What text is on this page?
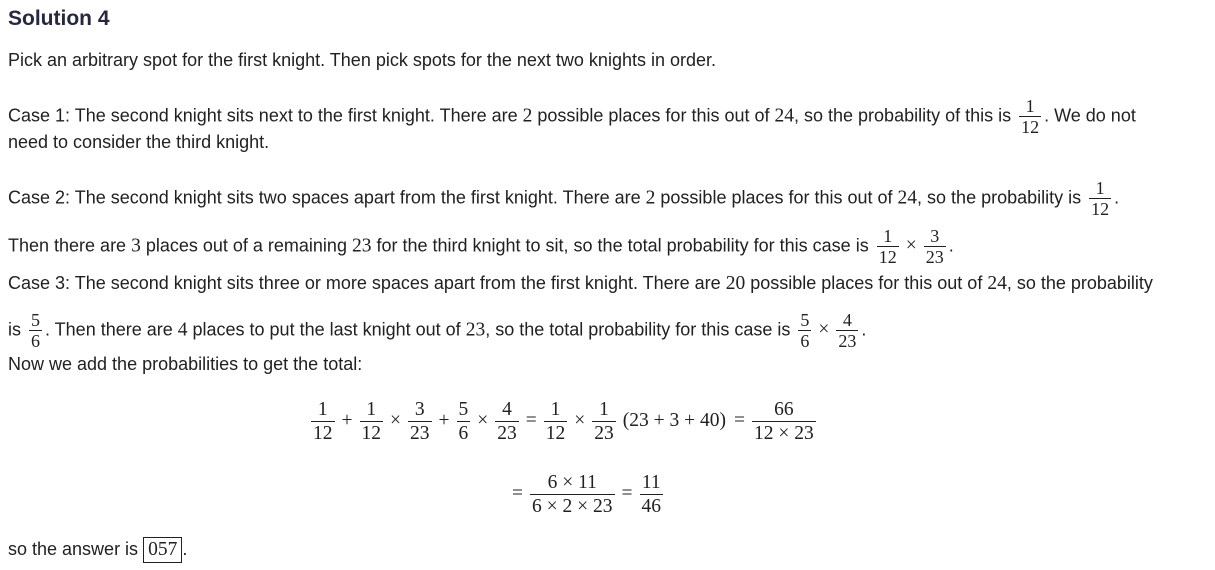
Solution 4
Pick an arbitrary spot for the first knight. Then pick spots for the next two knights in order.
Case 1: The second knight sits next to the first knight. There are 2 possible places for this out of 24, so the probability of this is $\frac{1}{12}$ . We do not
need to consider the third knight.
Case 2: The second knight sits two spaces apart from the first knight. There are 2 possible places for this out of 24, so the probability is $\frac{1}{12}$ .
Then there are 3 places out of a remaining 23 for the third knight to sit, so the total probability for this case is $\frac{1}{12} \times \frac{3}{23}$ .
Case 3: The second knight sits three or more spaces apart from the first knight. There are 20 possible places for this out of 24, so the probability
is $\frac{5}{6}$ . Then there are 4 places to put the last knight out of 23, so the total probability for this case is $\frac{5}{6} \times \frac{4}{23}$ .
Now we add the probabilities to get the total:
$\frac{1}{12} + \frac{1}{12} \times \frac{3}{23} + \frac{5}{6} \times \frac{4}{23} = \frac{1}{12} \times \frac{1}{23} (23 + 3 + 40) = \frac{66}{12 \times 23}$
= $\frac{6 \times 11}{6 \times 2 \times 23} = \frac{11}{46}$
so the answer is 057 .
